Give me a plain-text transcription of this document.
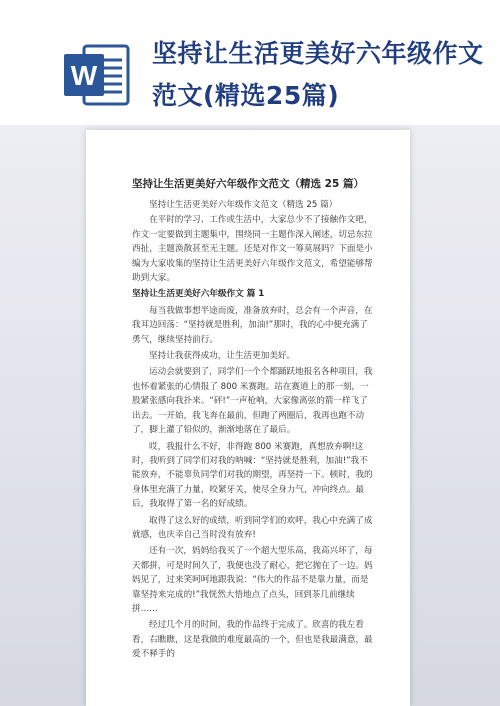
W
坚持让生活更美好六年级作文
范文(精选25篇)
坚持让生活更美好六年级作文范文（精选 25 篇）

坚持让生活更美好六年级作文范文（精选 25 篇）

在平时的学习、工作或生活中，大家总少不了接触作文吧，作文一定要做到主题集中，围绕同一主题作深入阐述，切忌东拉西扯，主题涣散甚至无主题。还是对作文一筹莫展吗？下面是小编为大家收集的坚持让生活更美好六年级作文范文，希望能够帮助到大家。

坚持让生活更美好六年级作文 篇 1

每当我做事想半途而废，准备放弃时，总会有一个声音，在我耳边回荡：“坚持就是胜利，加油!”那时，我的心中便充满了勇气，继续坚持前行。

坚持让我获得成功，让生活更加美好。

运动会就要到了，同学们一个个都踊跃地报名各种项目，我也怀着紧张的心情报了 800 米赛跑。站在赛道上的那一刻，一股紧张感向我扑来。“砰!”一声枪响，大家像离弦的箭一样飞了出去。一开始，我飞奔在最前，但跑了两圈后，我再也跑不动了，脚上灌了铅似的，渐渐地落在了最后。

哎，我报什么不好，非得跑 800 米赛跑，真想放弃啊!这时，我听到了同学们对我的呐喊：“坚持就是胜利，加油!”我不能放弃，不能辜负同学们对我的期望，再坚持一下。顿时，我的身体里充满了力量，咬紧牙关，使尽全身力气，冲向终点。最后，我取得了第一名的好成绩。

取得了这么好的成绩，听到同学们的欢呼，我心中充满了成就感，也庆幸自己当时没有放弃!

还有一次，妈妈给我买了一个超大型乐高，我高兴坏了，每天都拼，可是时间久了，我便也没了耐心，把它抛在了一边。妈妈见了，过来笑呵呵地跟我说：“伟大的作品不是靠力量，而是靠坚持来完成的!”我恍然大悟地点了点头，回到茶几前继续拼……

经过几个月的时间，我的作品终于完成了。欣喜的我左看看，右瞧瞧，这是我做的难度最高的一个，但也是我最满意，最爱不释手的
